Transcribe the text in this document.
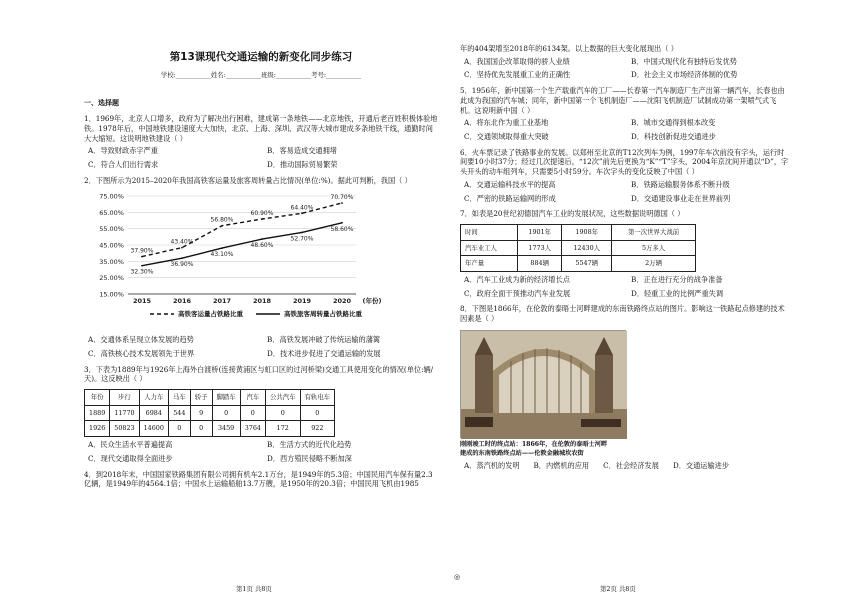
第13课现代交通运输的新变化同步练习
学校:___________姓名:___________班级:___________考号:___________
一、选择题

1．1969年，北京人口增多，政府为了解决出行困难，建成第一条地铁——北京地铁，开通后老百姓积极体验地铁。1978年后，中国地铁建设速度大大加快，北京、上海、深圳、武汉等大城市建成多条地铁干线，通勤时间大大缩短。这说明地铁建设（ ）

A．导致财政赤字严重	B．客易造成交通拥堵
C．符合人们出行需求	D．推动国际贸易繁荣

2．下图所示为2015–2020年我国高铁客运量及旅客周转量占比情况(单位:%)。据此可判断，我国（ ）

15.00%
25.00%
35.00%
45.00%
55.00%
65.00%
75.00%
2015	2016	2017	2018	2019	2020 (年份)
37.90%
43.40%
56.80%
60.90%
64.40%
70.70%
高铁客运量占铁路比重
32.30%
36.90%
43.10%
48.60%
52.70%
58.60%
高铁旅客周转量占铁路比重
A．交通体系呈现立体发展的趋势	B．高铁发展冲破了传统运输的藩篱
C．高铁核心技术发展领先于世界	D．技术进步促进了交通运输的发展

3．下表为1889年与1926年上海外白渡桥(连接黄浦区与虹口区的过河桥梁)交通工具使用变化的情况(单位:辆/天)。这反映出（ ）

年份	步行	人力车	马车	轿子	脚踏车	汽车	公共汽车	有轨电车
1889	11770	6984	544	9	0	0	0	0
1926	50823	14600	0	0	3459	3764	172	922
A．民众生活水平普遍提高	B．生活方式的近代化趋势
C．现代交通取得全面进步	D．西方殖民侵略不断加深

4．到2018年末，中国国家铁路集团有限公司拥有机车2.1万台，是1949年的5.3倍；中国民用汽车保有量2.3亿辆，是1949年的4564.1倍；中国水上运输船舶13.7万艘，是1950年的20.3倍；中国民用飞机由1985

年的404架增至2018年的6134架。以上数据的巨大变化展现出（ ）

A．我国国企改革取得的骄人业绩	B．中国式现代化有独特后发优势
C．坚持优先发展重工业的正确性	D．社会主义市场经济体制的优势

5．1956年，新中国第一个生产载重汽车的工厂——长春第一汽车制造厂生产出第一辆汽车，长春也由此成为我国的汽车城；同年，新中国第一个飞机制造厂——沈阳飞机制造厂试制成功第一架喷气式飞机。这说明新中国（ ）

A．将东北作为重工业基地	B．城市交通得到根本改变
C．交通领域取得重大突破	D．科技创新促进交通进步

6．火车票记录了铁路事业的发展。以郑州至北京的T12次列车为例，1997年车次前没有字头，运行时间要10小时37分；经过几次提速后，“12次”前先后更换为“K”“T”字头，2004年京沈间开通以“D”，字头开头的动车组列车，只需要5小时59分。车次字头的变化反映了中国（ ）

A．交通运输科技水平的提高	B．铁路运输服务体系不断升级
C．严密的铁路运输网的形成	D．交通建设事业走在世界前列

7．如表是20世纪初德国汽车工业的发展状况，这些数据说明德国（ ）

时间	1901年	1908年	第一次世界大战前
汽车业工人	1773人	12430人	5万多人
年产量	884辆	5547辆	2万辆
A．汽车工业成为新的经济增长点	B．正在进行充分的战争准备
C．政府全面干预推动汽车业发展	D．轻重工业的比例严重失调

8．下图是1866年，在伦敦的泰晤士河畔建成的东南铁路终点站的图片。影响这一铁路起点修建的技术因素是（ ）

刚刚竣工时的终点站：1866年，在伦敦的泰晤士河畔
建成的东南铁路终点站——伦敦金融城坎农街
A．蒸汽机的发明 B．内燃机的应用 C．社会经济发展 D．交通运输进步
第1页 共8页
◎
第2页 共8页
